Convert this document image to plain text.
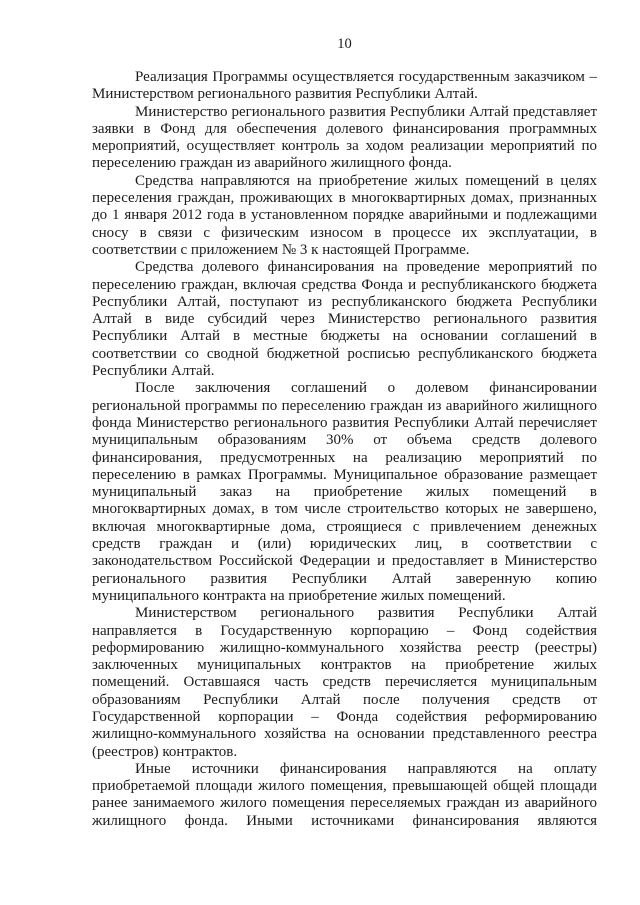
10
Реализация Программы осуществляется государственным заказчиком –
Министерством регионального развития Республики Алтай.
Министерство регионального развития Республики Алтай представляет
заявки в Фонд для обеспечения долевого финансирования программных
мероприятий, осуществляет контроль за ходом реализации мероприятий по
переселению граждан из аварийного жилищного фонда.
Средства направляются на приобретение жилых помещений в целях
переселения граждан, проживающих в многоквартирных домах, признанных
до 1 января 2012 года в установленном порядке аварийными и подлежащими
сносу в связи с физическим износом в процессе их эксплуатации, в
соответствии с приложением № 3 к настоящей Программе.
Средства долевого финансирования на проведение мероприятий по
переселению граждан, включая средства Фонда и республиканского бюджета
Республики Алтай, поступают из республиканского бюджета Республики
Алтай в виде субсидий через Министерство регионального развития
Республики Алтай в местные бюджеты на основании соглашений в
соответствии со сводной бюджетной росписью республиканского бюджета
Республики Алтай.
После заключения соглашений о долевом финансировании
региональной программы по переселению граждан из аварийного жилищного
фонда Министерство регионального развития Республики Алтай перечисляет
муниципальным образованиям 30% от объема средств долевого
финансирования, предусмотренных на реализацию мероприятий по
переселению в рамках Программы. Муниципальное образование размещает
муниципальный заказ на приобретение жилых помещений в
многоквартирных домах, в том числе строительство которых не завершено,
включая многоквартирные дома, строящиеся с привлечением денежных
средств граждан и (или) юридических лиц, в соответствии с
законодательством Российской Федерации и предоставляет в Министерство
регионального развития Республики Алтай заверенную копию
муниципального контракта на приобретение жилых помещений.
Министерством регионального развития Республики Алтай
направляется в Государственную корпорацию – Фонд содействия
реформированию жилищно-коммунального хозяйства реестр (реестры)
заключенных муниципальных контрактов на приобретение жилых
помещений. Оставшаяся часть средств перечисляется муниципальным
образованиям Республики Алтай после получения средств от
Государственной корпорации – Фонда содействия реформированию
жилищно-коммунального хозяйства на основании представленного реестра
(реестров) контрактов.
Иные источники финансирования направляются на оплату
приобретаемой площади жилого помещения, превышающей общей площади
ранее занимаемого жилого помещения переселяемых граждан из аварийного
жилищного фонда. Иными источниками финансирования являются
